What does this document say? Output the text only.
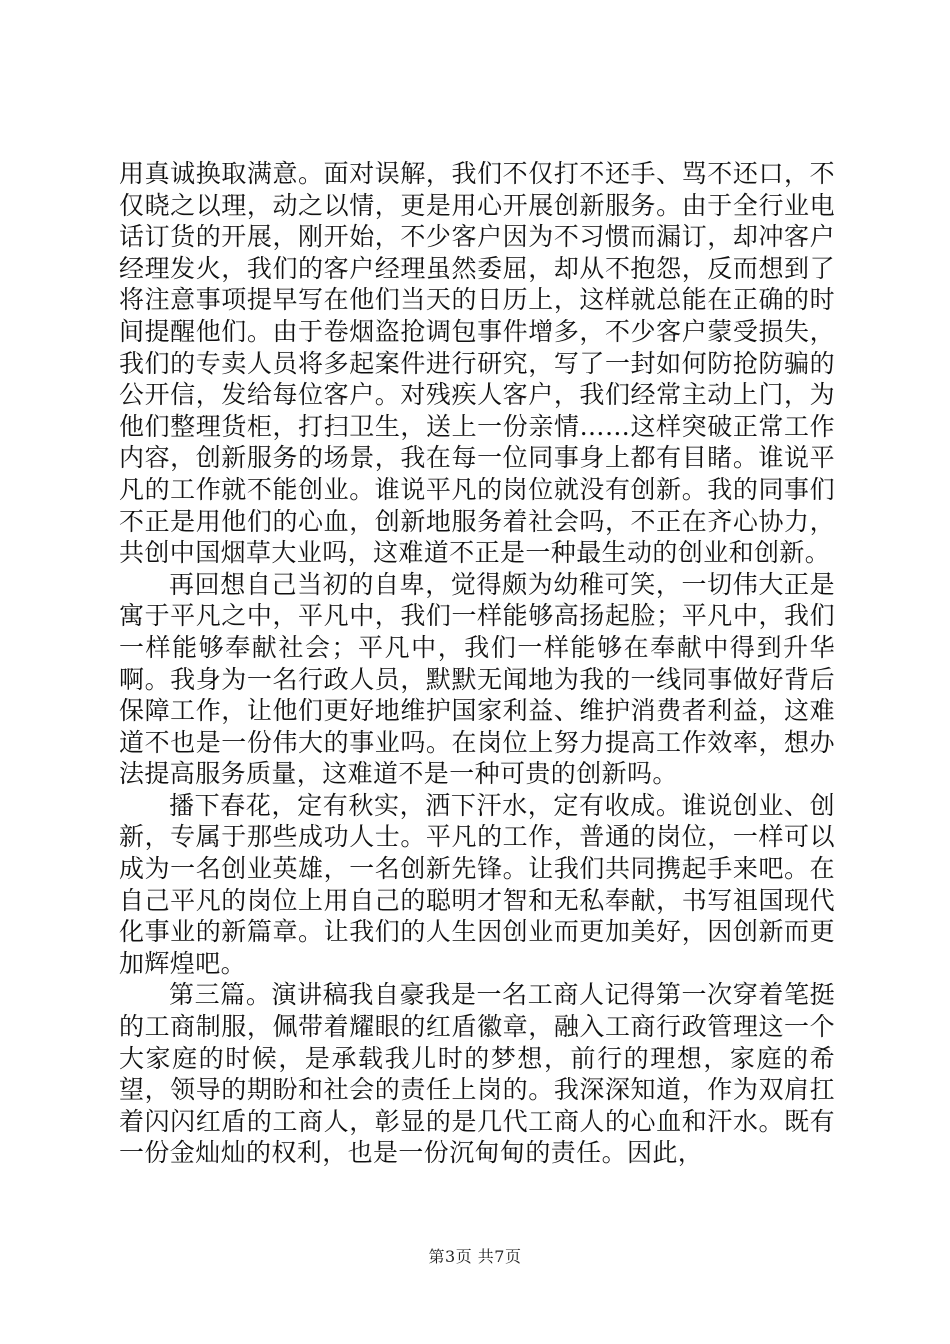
用真诚换取满意。面对误解，我们不仅打不还手、骂不还口，不仅晓之以理，动之以情，更是用心开展创新服务。由于全行业电话订货的开展，刚开始，不少客户因为不习惯而漏订，却冲客户经理发火，我们的客户经理虽然委屈，却从不抱怨，反而想到了将注意事项提早写在他们当天的日历上，这样就总能在正确的时间提醒他们。由于卷烟盗抢调包事件增多，不少客户蒙受损失，我们的专卖人员将多起案件进行研究，写了一封如何防抢防骗的公开信，发给每位客户。对残疾人客户，我们经常主动上门，为他们整理货柜，打扫卫生，送上一份亲情……这样突破正常工作内容，创新服务的场景，我在每一位同事身上都有目睹。谁说平凡的工作就不能创业。谁说平凡的岗位就没有创新。我的同事们不正是用他们的心血，创新地服务着社会吗，不正在齐心协力，共创中国烟草大业吗，这难道不正是一种最生动的创业和创新。

再回想自己当初的自卑，觉得颇为幼稚可笑，一切伟大正是寓于平凡之中，平凡中，我们一样能够高扬起脸；平凡中，我们一样能够奉献社会；平凡中，我们一样能够在奉献中得到升华啊。我身为一名行政人员，默默无闻地为我的一线同事做好背后保障工作，让他们更好地维护国家利益、维护消费者利益，这难道不也是一份伟大的事业吗。在岗位上努力提高工作效率，想办法提高服务质量，这难道不是一种可贵的创新吗。

播下春花，定有秋实，洒下汗水，定有收成。谁说创业、创新，专属于那些成功人士。平凡的工作，普通的岗位，一样可以成为一名创业英雄，一名创新先锋。让我们共同携起手来吧。在自己平凡的岗位上用自己的聪明才智和无私奉献，书写祖国现代化事业的新篇章。让我们的人生因创业而更加美好，因创新而更加辉煌吧。

第三篇。演讲稿我自豪我是一名工商人记得第一次穿着笔挺的工商制服，佩带着耀眼的红盾徽章，融入工商行政管理这一个大家庭的时候，是承载我儿时的梦想，前行的理想，家庭的希望，领导的期盼和社会的责任上岗的。我深深知道，作为双肩扛着闪闪红盾的工商人，彰显的是几代工商人的心血和汗水。既有一份金灿灿的权利，也是一份沉甸甸的责任。因此，

第3页 共7页
